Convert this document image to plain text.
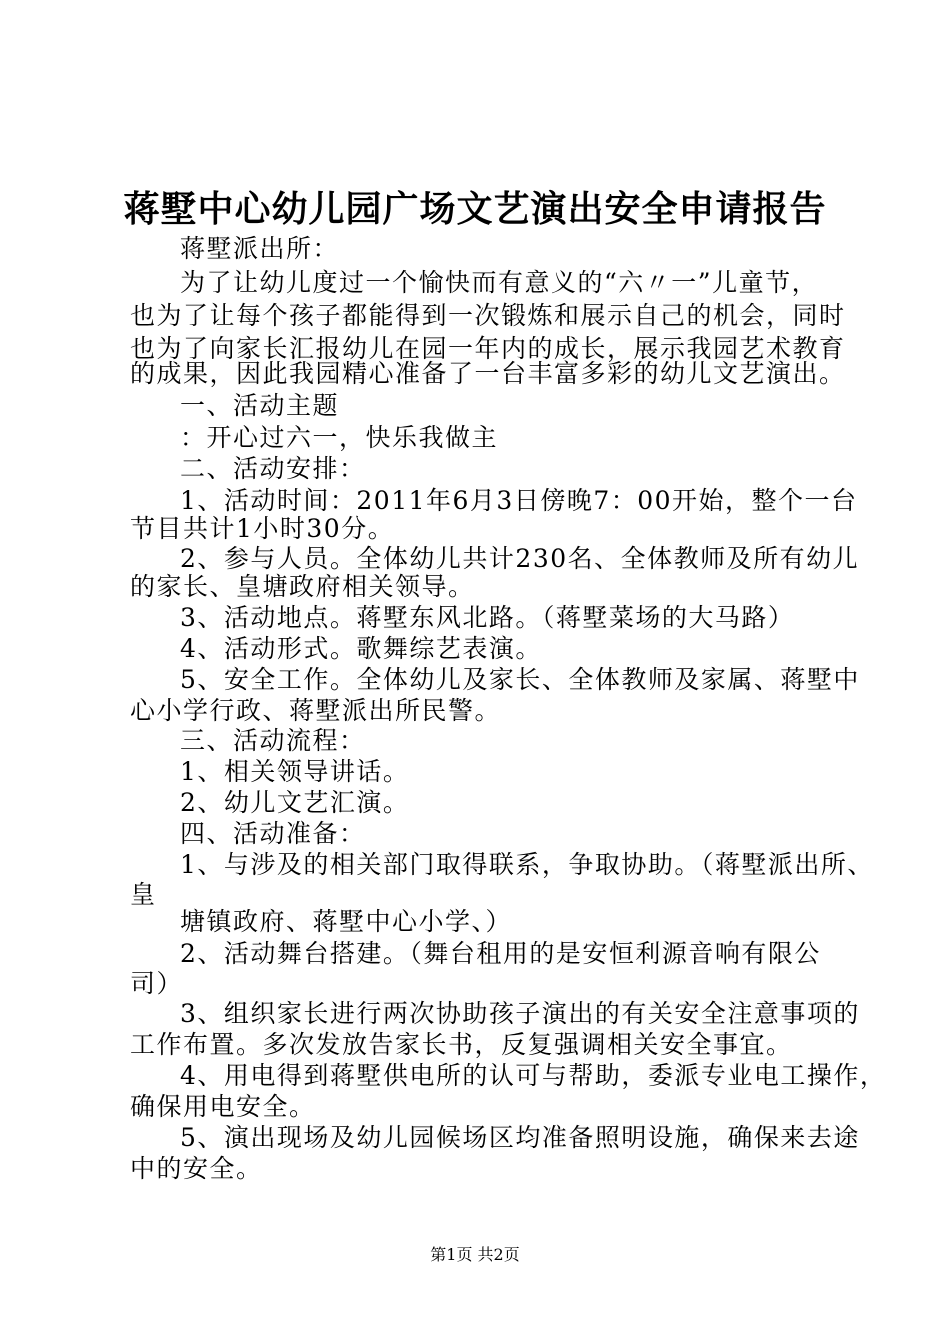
蒋墅中心幼儿园广场文艺演出安全申请报告
蒋墅派出所：
为了让幼儿度过一个愉快而有意义的“六〃一”儿童节，
也为了让每个孩子都能得到一次锻炼和展示自己的机会，同时
也为了向家长汇报幼儿在园一年内的成长，展示我园艺术教育
的成果，因此我园精心准备了一台丰富多彩的幼儿文艺演出。
一、活动主题
：开心过六一，快乐我做主
二、活动安排：
1、活动时间：2011年6月3日傍晚7：00开始，整个一台
节目共计1小时30分。
2、参与人员。全体幼儿共计230名、全体教师及所有幼儿
的家长、皇塘政府相关领导。
3、活动地点。蒋墅东风北路。（蒋墅菜场的大马路）
4、活动形式。歌舞综艺表演。
5、安全工作。全体幼儿及家长、全体教师及家属、蒋墅中
心小学行政、蒋墅派出所民警。
三、活动流程：
1、相关领导讲话。
2、幼儿文艺汇演。
四、活动准备：
1、与涉及的相关部门取得联系，争取协助。（蒋墅派出所、
皇
塘镇政府、蒋墅中心小学、）
2、活动舞台搭建。（舞台租用的是安恒利源音响有限公
司）
3、组织家长进行两次协助孩子演出的有关安全注意事项的
工作布置。多次发放告家长书，反复强调相关安全事宜。
4、用电得到蒋墅供电所的认可与帮助，委派专业电工操作，
确保用电安全。
5、演出现场及幼儿园候场区均准备照明设施，确保来去途
中的安全。
第1页 共2页
